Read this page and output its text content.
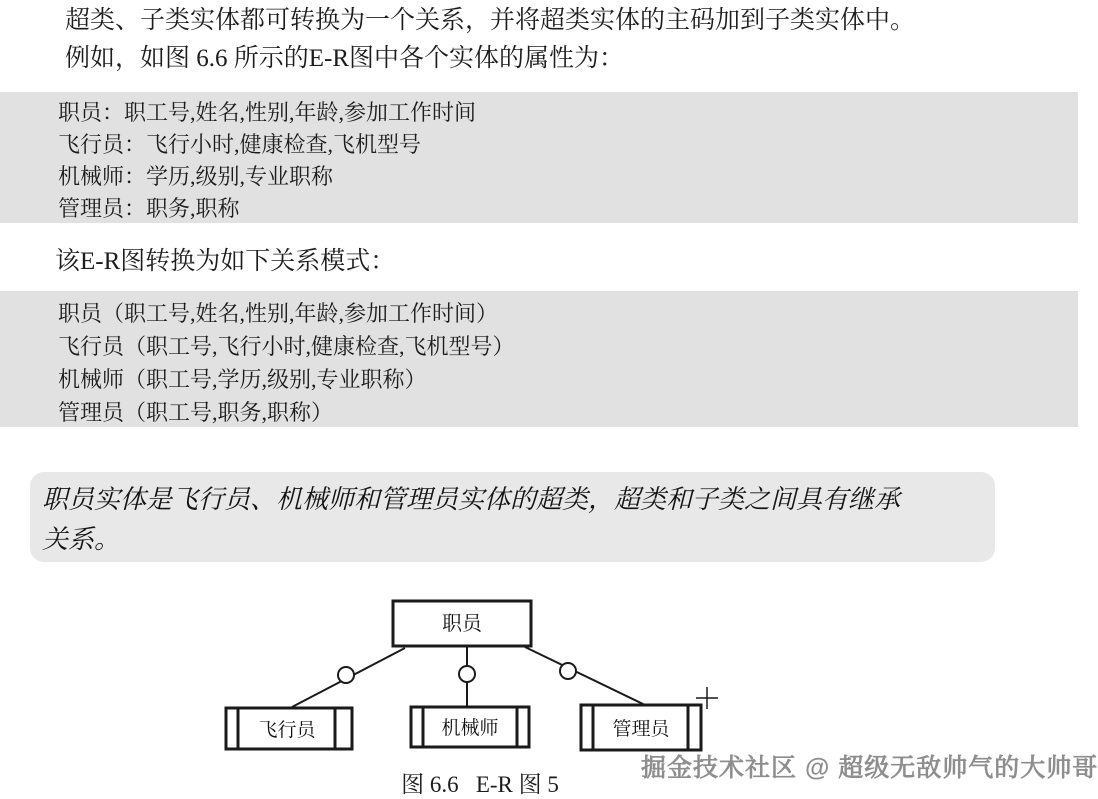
超类、子类实体都可转换为一个关系，并将超类实体的主码加到子类实体中。
例如，如图 6.6 所示的E-R图中各个实体的属性为：
职员：职工号,姓名,性别,年龄,参加工作时间
飞行员：飞行小时,健康检查,飞机型号
机械师：学历,级别,专业职称
管理员：职务,职称
该E-R图转换为如下关系模式：
职员（职工号,姓名,性别,年龄,参加工作时间）
飞行员（职工号,飞行小时,健康检查,飞机型号）
机械师（职工号,学历,级别,专业职称）
管理员（职工号,职务,职称）
职员实体是飞行员、机械师和管理员实体的超类，超类和子类之间具有继承
关系。
职员
飞行员	机械师	管理员
图 6.6   E-R 图 5
掘金技术社区 @ 超级无敌帅气的大帅哥
